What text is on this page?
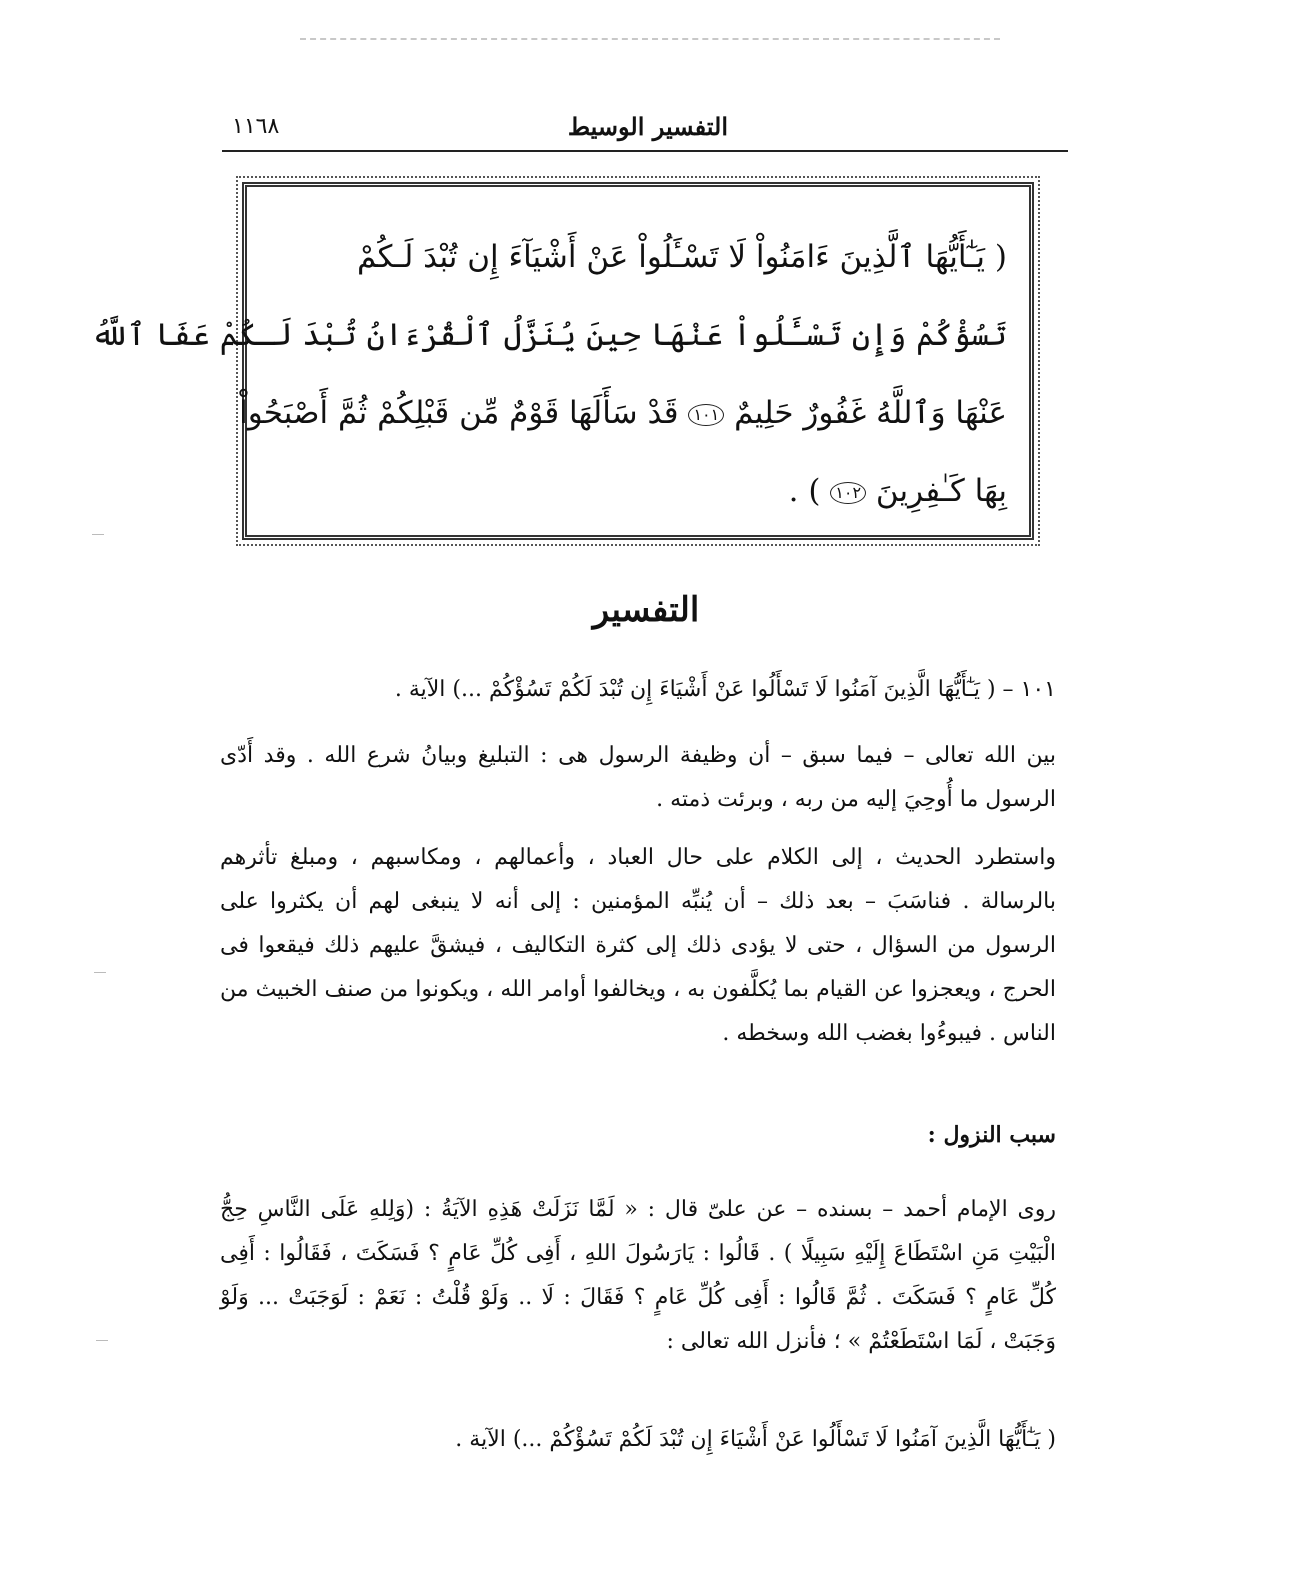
التفسير الوسيط
١١٦٨
( يَـٰٓأَيُّهَا ٱلَّذِينَ ءَامَنُواْ لَا تَسْـَٔلُواْ عَنْ أَشْيَآءَ إِن تُبْدَ لَـكُمْ
تَسُؤْكُمْ وَإِن تَسْـَٔلُواْ عَنْهَا حِينَ يُنَزَّلُ ٱلْقُرْءَانُ تُبْدَ لَـكُمْ عَفَا ٱللَّهُ
عَنْهَا وَٱللَّهُ غَفُورٌ حَلِيمٌ ١٠١ قَدْ سَأَلَهَا قَوْمٌ مِّن قَبْلِكُمْ ثُمَّ أَصْبَحُواْ
بِهَا كَـٰفِرِينَ ١٠٢ ) .
التفسير
١٠١ – ( يَـٰٓأَيُّهَا الَّذِينَ آمَنُوا لَا تَسْأَلُوا عَنْ أَشْيَاءَ إِن تُبْدَ لَكُمْ تَسُؤْكُمْ ...) الآية .
بين الله تعالى – فيما سبق – أن وظيفة الرسول هى : التبليغ وبيانُ شرع الله . وقد أَدّى الرسول ما أُوحِيَ إليه من ربه ، وبرئت ذمته .
واستطرد الحديث ، إلى الكلام على حال العباد ، وأعمالهم ، ومكاسبهم ، ومبلغ تأثرهم بالرسالة . فناسَبَ – بعد ذلك – أن يُنبِّه المؤمنين : إلى أنه لا ينبغى لهم أن يكثروا على الرسول من السؤال ، حتى لا يؤدى ذلك إلى كثرة التكاليف ، فيشقَّ عليهم ذلك فيقعوا فى الحرج ، ويعجزوا عن القيام بما يُكلَّفون به ، ويخالفوا أوامر الله ، ويكونوا من صنف الخبيث من الناس . فيبوءُوا بغضب الله وسخطه .
سبب النزول :
روى الإمام أحمد – بسنده – عن علىّ قال : « لَمَّا نَزَلَتْ هَذِهِ الآيَةُ : (وَلِلهِ عَلَى النَّاسِ حِجُّ الْبَيْتِ مَنِ اسْتَطَاعَ إِلَيْهِ سَبِيلًا ) . قَالُوا : يَارَسُولَ اللهِ ، أَفِى كُلِّ عَامٍ ؟ فَسَكَتَ ، فَقَالُوا : أَفِى كُلِّ عَامٍ ؟ فَسَكَتَ . ثُمَّ قَالُوا : أَفِى كُلِّ عَامٍ ؟ فَقَالَ : لَا .. وَلَوْ قُلْتُ : نَعَمْ : لَوَجَبَتْ ... وَلَوْ وَجَبَتْ ، لَمَا اسْتَطَعْتُمْ » ؛ فأنزل الله تعالى :
( يَـٰٓأَيُّهَا الَّذِينَ آمَنُوا لَا تَسْأَلُوا عَنْ أَشْيَاءَ إِن تُبْدَ لَكُمْ تَسُؤْكُمْ ...) الآية .
